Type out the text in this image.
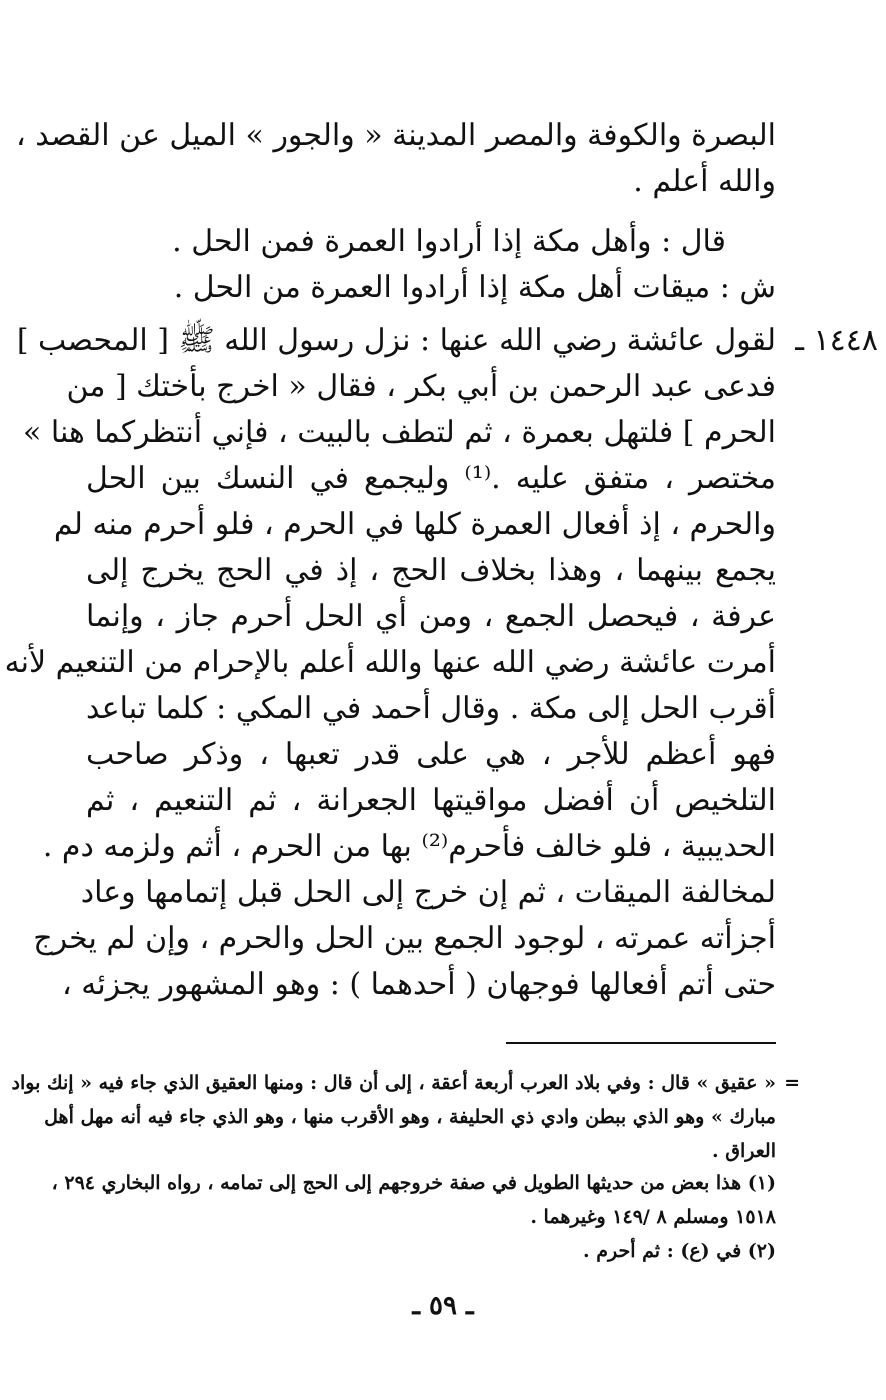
البصرة والكوفة والمصر المدينة « والجور » الميل عن القصد ،
والله أعلم .
قال : وأهل مكة إذا أرادوا العمرة فمن الحل .
ش : ميقات أهل مكة إذا أرادوا العمرة من الحل .
١٤٤٨ ـ
لقول عائشة رضي الله عنها : نزل رسول الله ﷺ [ المحصب ]
فدعى عبد الرحمن بن أبي بكر ، فقال « اخرج بأختك [ من
الحرم ] فلتهل بعمرة ، ثم لتطف بالبيت ، فإني أنتظركما هنا »
مختصر ، متفق عليه .⁽¹⁾ وليجمع في النسك بين الحل
والحرم ، إذ أفعال العمرة كلها في الحرم ، فلو أحرم منه لم
يجمع بينهما ، وهذا بخلاف الحج ، إذ في الحج يخرج إلى
عرفة ، فيحصل الجمع ، ومن أي الحل أحرم جاز ، وإنما
أمرت عائشة رضي الله عنها والله أعلم بالإحرام من التنعيم لأنه
أقرب الحل إلى مكة . وقال أحمد في المكي : كلما تباعد
فهو أعظم للأجر ، هي على قدر تعبها ، وذكر صاحب
التلخيص أن أفضل مواقيتها الجعرانة ، ثم التنعيم ، ثم
الحديبية ، فلو خالف فأحرم⁽²⁾ بها من الحرم ، أثم ولزمه دم .
لمخالفة الميقات ، ثم إن خرج إلى الحل قبل إتمامها وعاد
أجزأته عمرته ، لوجود الجمع بين الحل والحرم ، وإن لم يخرج
حتى أتم أفعالها فوجهان ( أحدهما ) : وهو المشهور يجزئه ،
=
« عقيق » قال : وفي بلاد العرب أربعة أعقة ، إلى أن قال : ومنها العقيق الذي جاء فيه « إنك بواد
مبارك » وهو الذي ببطن وادي ذي الحليفة ، وهو الأقرب منها ، وهو الذي جاء فيه أنه مهل أهل
العراق .
(١) هذا بعض من حديثها الطويل في صفة خروجهم إلى الحج إلى تمامه ، رواه البخاري ٢٩٤ ،
١٥١٨ ومسلم ٨ /١٤٩ وغيرهما .
(٢) في (ع) : ثم أحرم .
ـ ٥٩ ـ
